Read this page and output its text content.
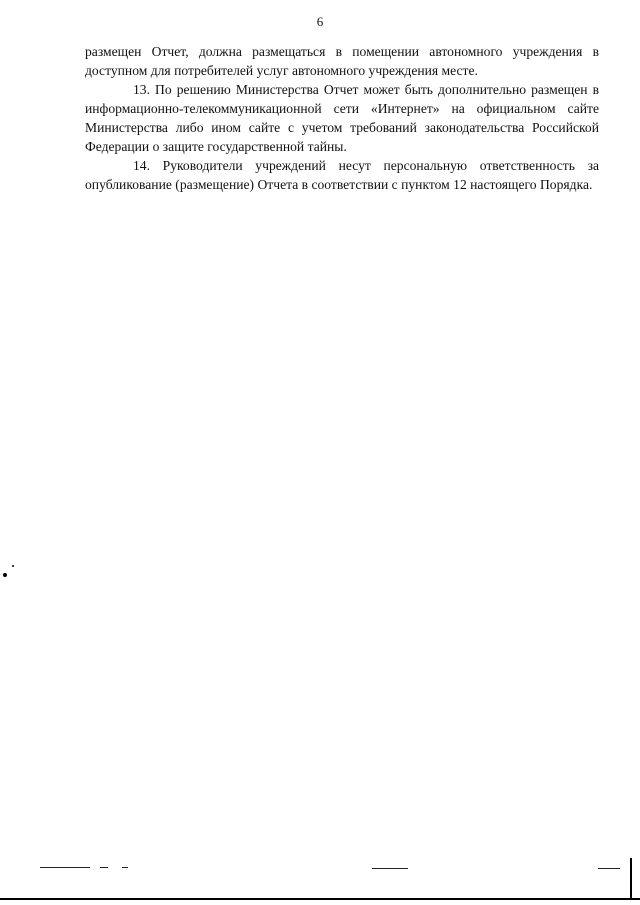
6

размещен Отчет, должна размещаться в помещении автономного учреждения в доступном для потребителей услуг автономного учреждения месте.

13. По решению Министерства Отчет может быть дополнительно размещен в информационно-телекоммуникационной сети «Интернет» на официальном сайте Министерства либо ином сайте с учетом требований законодательства Российской Федерации о защите государственной тайны.

14. Руководители учреждений несут персональную ответственность за опубликование (размещение) Отчета в соответствии с пунктом 12 настоящего Порядка.
